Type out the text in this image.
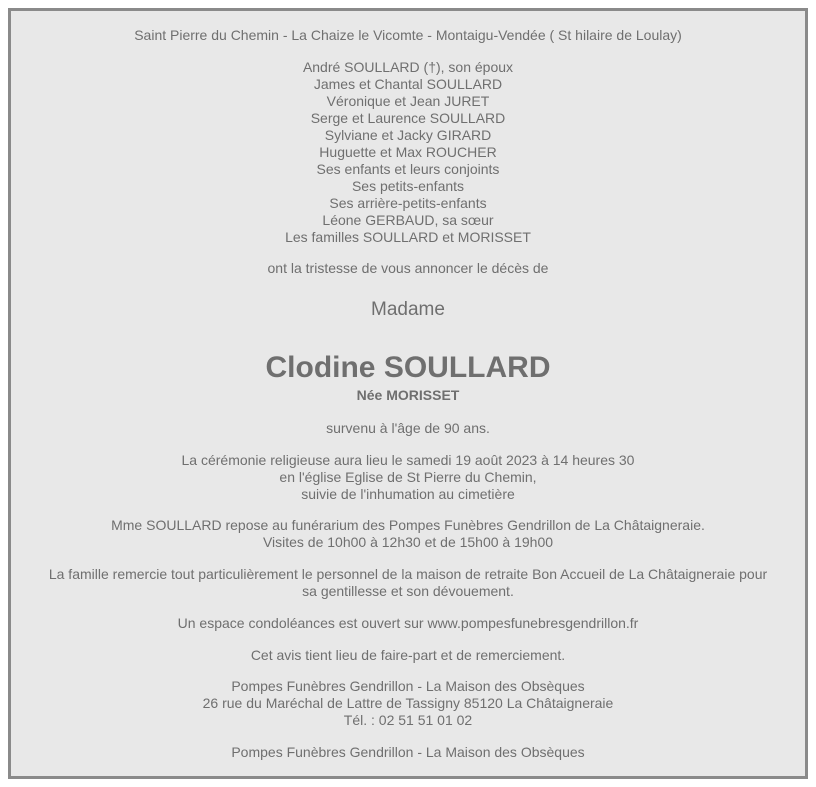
Saint Pierre du Chemin - La Chaize le Vicomte - Montaigu-Vendée ( St hilaire de Loulay)
André SOULLARD (†), son époux
James et Chantal SOULLARD
Véronique et Jean JURET
Serge et Laurence SOULLARD
Sylviane et Jacky GIRARD
Huguette et Max ROUCHER
Ses enfants et leurs conjoints
Ses petits-enfants
Ses arrière-petits-enfants
Léone GERBAUD, sa sœur
Les familles SOULLARD et MORISSET
ont la tristesse de vous annoncer le décès de
Madame
Clodine SOULLARD
Née MORISSET
survenu à l'âge de 90 ans.
La cérémonie religieuse aura lieu le samedi 19 août 2023 à 14 heures 30
en l'église Eglise de St Pierre du Chemin,
suivie de l'inhumation au cimetière
Mme SOULLARD repose au funérarium des Pompes Funèbres Gendrillon de La Châtaigneraie.
Visites de 10h00 à 12h30 et de 15h00 à 19h00
La famille remercie tout particulièrement le personnel de la maison de retraite Bon Accueil de La Châtaigneraie pour
sa gentillesse et son dévouement.
Un espace condoléances est ouvert sur www.pompesfunebresgendrillon.fr
Cet avis tient lieu de faire-part et de remerciement.
Pompes Funèbres Gendrillon - La Maison des Obsèques
26 rue du Maréchal de Lattre de Tassigny 85120 La Châtaigneraie
Tél. : 02 51 51 01 02
Pompes Funèbres Gendrillon - La Maison des Obsèques
